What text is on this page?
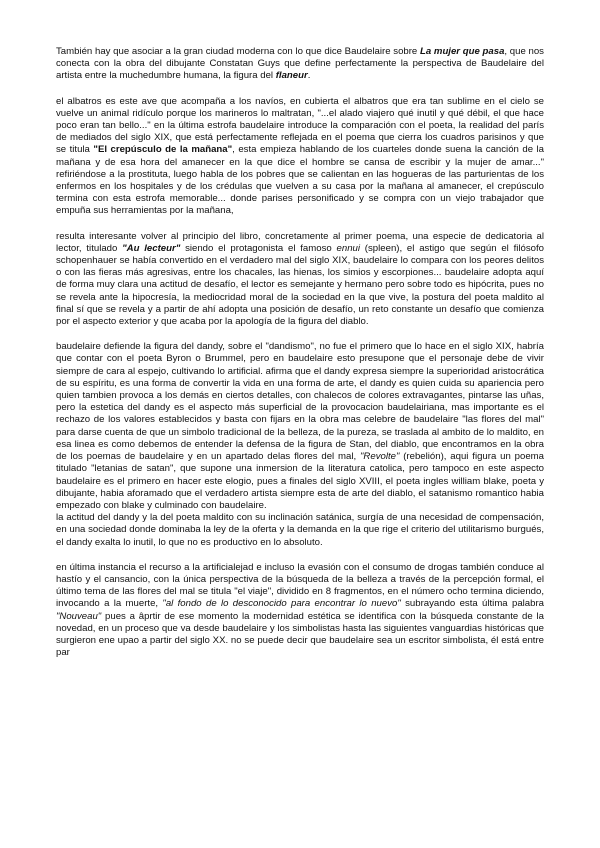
También hay que asociar a la gran ciudad moderna con lo que dice Baudelaire sobre La mujer que pasa, que nos conecta con la obra del dibujante Constatan Guys que define perfectamente la perspectiva de Baudelaire del artista entre la muchedumbre humana, la figura del flaneur.

el albatros es este ave que acompaña a los navíos, en cubierta el albatros que era tan sublime en el cielo se vuelve un animal ridículo porque los marineros lo maltratan, "...el alado viajero qué inutil y qué débil, el que hace poco eran tan bello..." en la última estrofa baudelaire introduce la comparación con el poeta, la realidad del parís de mediados del siglo XIX, que está perfectamente reflejada en el poema que cierra los cuadros parisinos y que se titula "El crepúsculo de la mañana", esta empieza hablando de los cuarteles donde suena la canción de la mañana y de esa hora del amanecer en la que dice el hombre se cansa de escribir y la mujer de amar..." refiriéndose a la prostituta, luego habla de los pobres que se calientan en las hogueras de las parturientas de los enfermos en los hospitales y de los crédulas que vuelven a su casa por la mañana al amanecer, el crepúsculo termina con esta estrofa memorable... donde parises personificado y se compra con un viejo trabajador que empuña sus herramientas por la mañana,

resulta interesante volver al principio del libro, concretamente al primer poema, una especie de dedicatoria al lector, titulado "Au lecteur" siendo el protagonista el famoso ennui (spleen), el astigo que según el filósofo schopenhauer se había convertido en el verdadero mal del siglo XIX, baudelaire lo compara con los peores delitos o con las fieras más agresivas, entre los chacales, las hienas, los simios y escorpiones... baudelaire adopta aquí de forma muy clara una actitud de desafío, el lector es semejante y hermano pero sobre todo es hipócrita, pues no se revela ante la hipocresía, la mediocridad moral de la sociedad en la que vive, la postura del poeta maldito al final sí que se revela y a partir de ahí adopta una posición de desafío, un reto constante un desafío que comienza por el aspecto exterior y que acaba por la apología de la figura del diablo.

baudelaire defiende la figura del dandy, sobre el "dandismo", no fue el primero que lo hace en el siglo XIX, habría que contar con el poeta Byron o Brummel, pero en baudelaire esto presupone que el personaje debe de vivir siempre de cara al espejo, cultivando lo artificial. afirma que el dandy expresa siempre la superioridad aristocrática de su espíritu, es una forma de convertir la vida en una forma de arte, el dandy es quien cuida su apariencia pero quien tambien provoca a los demás en ciertos detalles, con chalecos de colores extravagantes, pintarse las uñas, pero la estetica del dandy es el aspecto más superficial de la provocacion baudelairiana, mas importante es el rechazo de los valores establecidos y basta con fijars en la obra mas celebre de baudelaire "las flores del mal" para darse cuenta de que un simbolo tradicional de la belleza, de la pureza, se traslada al ambito de lo maldito, en esa linea es como debemos de entender la defensa de la figura de Stan, del diablo, que encontramos en la obra de los poemas de baudelaire y en un apartado delas flores del mal, "Revolte" (rebelión), aqui figura un poema titulado "letanias de satan", que supone una inmersion de la literatura catolica, pero tampoco en este aspecto baudelaire es el primero en hacer este elogio, pues a finales del siglo XVIII, el poeta ingles william blake, poeta y dibujante, habia aforamado que el verdadero artista siempre esta de arte del diablo, el satanismo romantico habia empezado con blake y culminado con baudelaire.

la actitud del dandy y la del poeta maldito con su inclinación satánica, surgía de una necesidad de compensación, en una sociedad donde dominaba la ley de la oferta y la demanda en la que rige el criterio del utilitarismo burgués, el dandy exalta lo inutil, lo que no es productivo en lo absoluto.

en última instancia el recurso a la artificialejad e incluso la evasión con el consumo de drogas también conduce al hastío y el cansancio, con la única perspectiva de la búsqueda de la belleza a través de la percepción formal, el último tema de las flores del mal se titula "el viaje", dividido en 8 fragmentos, en el número ocho termina diciendo, invocando a la muerte, "al fondo de lo desconocido para encontrar lo nuevo" subrayando esta última palabra "Nouveau" pues a âprtir de ese momento la modernidad estética se identifica con la búsqueda constante de la novedad, en un proceso que va desde baudelaire y los simbolistas hasta las siguientes vanguardias históricas que surgieron ene upao a partir del siglo XX. no se puede decir que baudelaire sea un escritor simbolista, él está entre par
